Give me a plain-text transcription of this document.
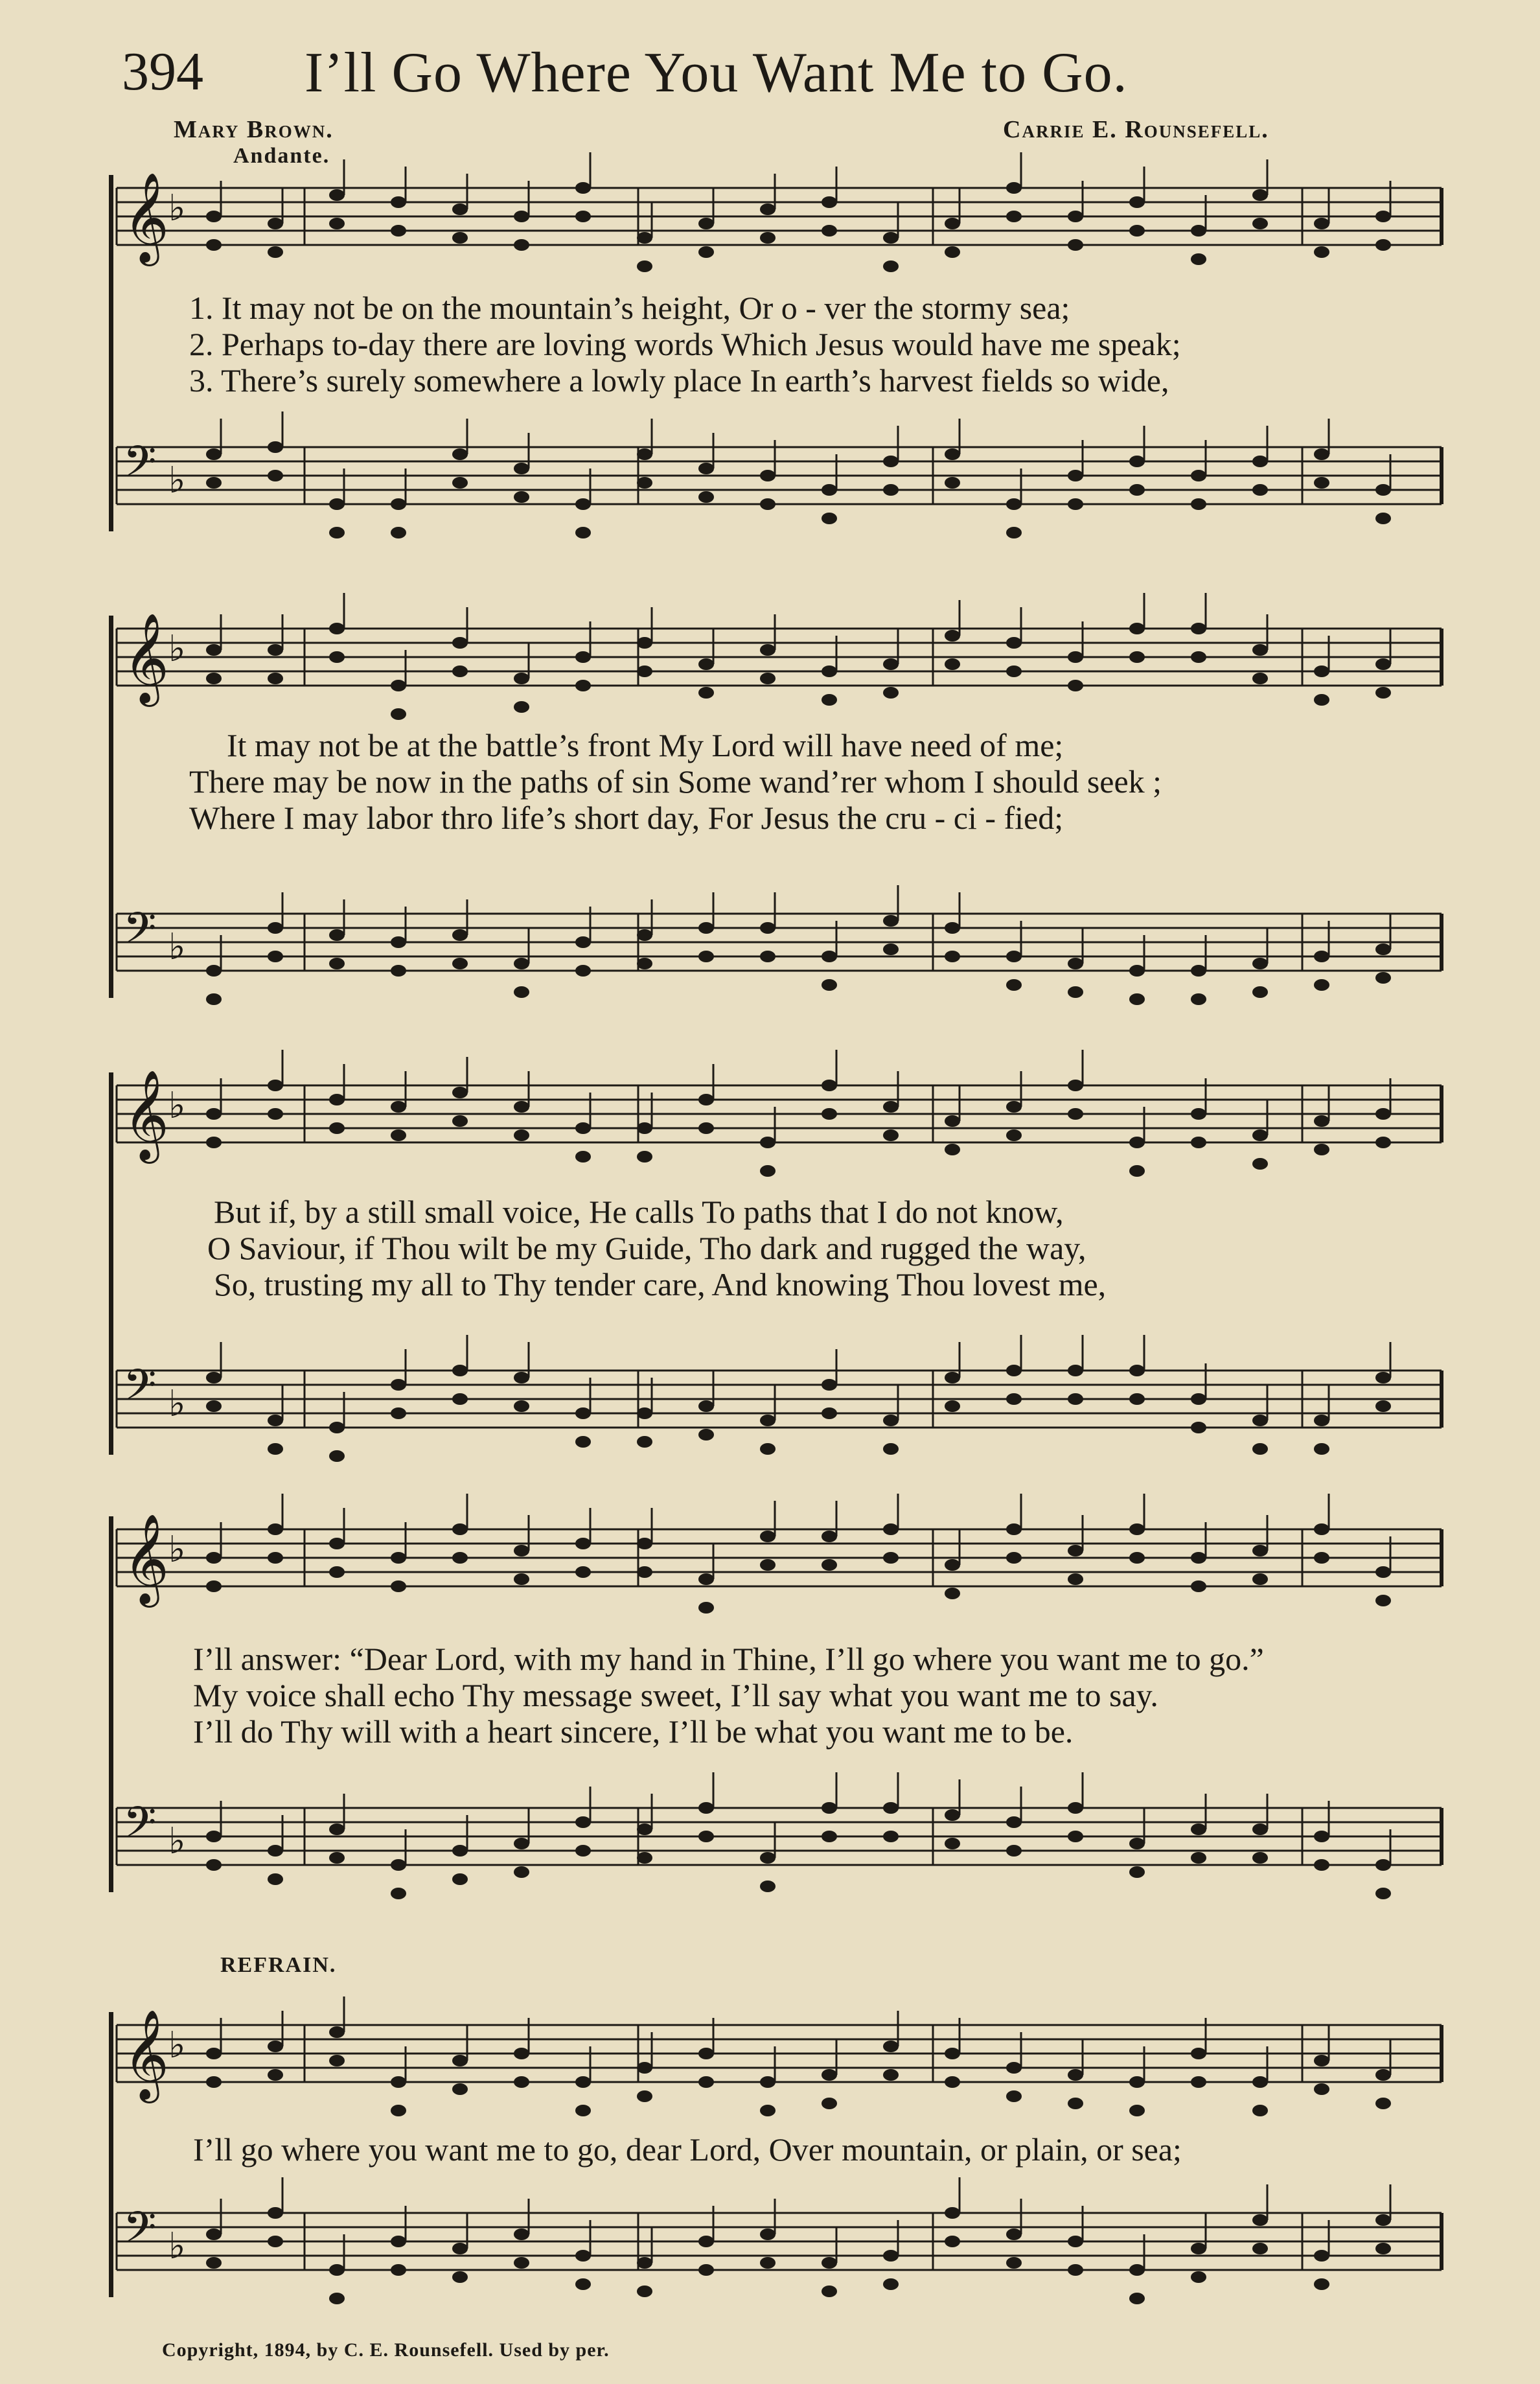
394 I’ll Go Where You Want Me to Go.
Mary Brown.	Carrie E. Rounsefell.
Andante.
REFRAIN.
𝄞 ♭
𝄢 ♭
𝄞 ♭
𝄢 ♭
𝄞 ♭
𝄢 ♭
𝄞 ♭
𝄢 ♭
𝄞 ♭
𝄢 ♭
1. It may not be on the mountain’s height, Or o - ver the stormy sea;
2. Perhaps to-day there are loving words Which Jesus would have me speak;
3. There’s surely somewhere a lowly place In earth’s harvest fields so wide,
It may not be at the battle’s front My Lord will have need of me;
There may be now in the paths of sin Some wand’rer whom I should seek ;
Where I may labor thro life’s short day, For Jesus the cru - ci - fied;
But if, by a still small voice, He calls To paths that I do not know,
O Saviour, if Thou wilt be my Guide, Tho dark and rugged the way,
So, trusting my all to Thy tender care, And knowing Thou lovest me,
I’ll answer: “Dear Lord, with my hand in Thine, I’ll go where you want me to go.”
My voice shall echo Thy message sweet, I’ll say what you want me to say.
I’ll do Thy will with a heart sincere, I’ll be what you want me to be.
I’ll go where you want me to go, dear Lord, Over mountain, or plain, or sea;
Copyright, 1894, by C. E. Rounsefell. Used by per.
